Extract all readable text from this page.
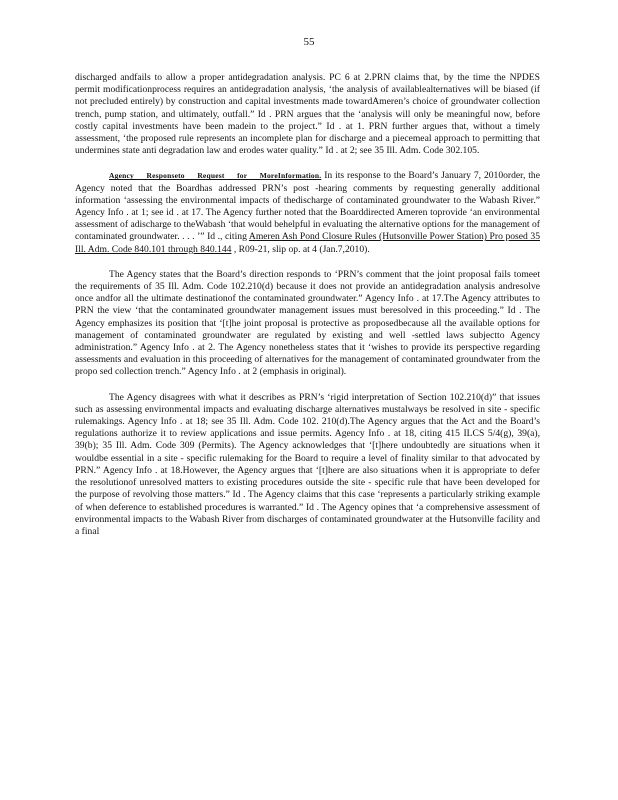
55

discharged andfails to allow a proper antidegradation analysis. PC 6 at 2.PRN claims that, by the time the NPDES permit modificationprocess requires an antidegradation analysis, ‘the analysis of availablealternatives will be biased (if not precluded entirely) by construction and capital investments made towardAmeren’s choice of groundwater collection trench, pump station, and ultimately, outfall.” Id . PRN argues that the ‘analysis will only be meaningful now, before costly capital investments have been madein to the project.” Id . at 1. PRN further argues that, without a timely assessment, ‘the proposed rule represents an incomplete plan for discharge and a piecemeal approach to permitting that undermines state anti degradation law and erodes water quality.” Id . at 2; see 35 Ill. Adm. Code 302.105.

Agency Responseto Request for MoreInformation. In its response to the Board’s January 7, 2010order, the Agency noted that the Boardhas addressed PRN’s post -hearing comments by requesting generally additional information ‘assessing the environmental impacts of thedischarge of contaminated groundwater to the Wabash River.” Agency Info . at 1; see id . at 17. The Agency further noted that the Boarddirected Ameren toprovide ‘an environmental assessment of adischarge to theWabash ‘that would behelpful in evaluating the alternative options for the management of contaminated groundwater. . . . ’” Id ., citing Ameren Ash Pond Closure Rules (Hutsonville Power Station) Pro posed 35 Ill. Adm. Code 840.101 through 840.144 , R09-21, slip op. at 4 (Jan.7,2010).

The Agency states that the Board’s direction responds to ‘PRN’s comment that the joint proposal fails tomeet the requirements of 35 Ill. Adm. Code 102.210(d) because it does not provide an antidegradation analysis andresolve once andfor all the ultimate destinationof the contaminated groundwater.” Agency Info . at 17.The Agency attributes to PRN the view ‘that the contaminated groundwater management issues must beresolved in this proceeding.” Id . The Agency emphasizes its position that ‘[t]he joint proposal is protective as proposedbecause all the available options for management of contaminated groundwater are regulated by existing and well -settled laws subjectto Agency administration.” Agency Info . at 2. The Agency nonetheless states that it ‘wishes to provide its perspective regarding assessments and evaluation in this proceeding of alternatives for the management of contaminated groundwater from the propo sed collection trench.” Agency Info . at 2 (emphasis in original).

The Agency disagrees with what it describes as PRN’s ‘rigid interpretation of Section 102.210(d)” that issues such as assessing environmental impacts and evaluating discharge alternatives mustalways be resolved in site - specific rulemakings. Agency Info . at 18; see 35 Ill. Adm. Code 102. 210(d).The Agency argues that the Act and the Board’s regulations authorize it to review applications and issue permits. Agency Info . at 18, citing 415 ILCS 5/4(g), 39(a), 39(b); 35 Ill. Adm. Code 309 (Permits). The Agency acknowledges that ‘[t]here undoubtedly are situations when it wouldbe essential in a site - specific rulemaking for the Board to require a level of finality similar to that advocated by PRN.” Agency Info . at 18.However, the Agency argues that ‘[t]here are also situations when it is appropriate to defer the resolutionof unresolved matters to existing procedures outside the site - specific rule that have been developed for the purpose of revolving those matters.” Id . The Agency claims that this case ‘represents a particularly striking example of when deference to established procedures is warranted.” Id . The Agency opines that ‘a comprehensive assessment of environmental impacts to the Wabash River from discharges of contaminated groundwater at the Hutsonville facility and a final
